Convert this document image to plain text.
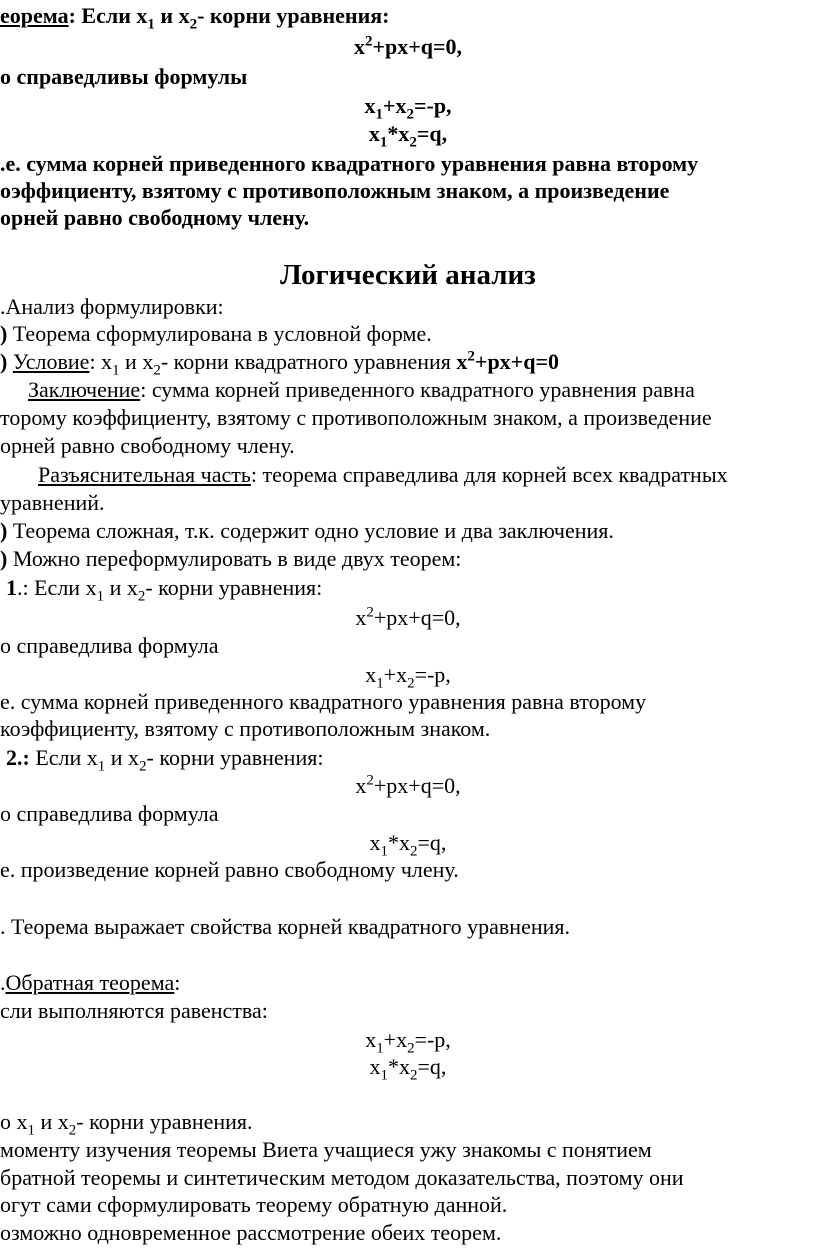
еорема: Если $x_1$ и $x_2-$ корни уравнения:
$x^2+px+q=0$,
о справедливы формулы
$x_1+x_2=-p$,
$x_1*x_2=q$,
.е. сумма корней приведенного квадратного уравнения равна второму
оэффициенту, взятому с противоположным знаком, а произведение
орней равно свободному члену.
Логический анализ
.Анализ формулировки:
) Теорема сформулирована в условной форме.
) Условие: $x_1$ и $x_2-$ корни квадратного уравнения $x^2+px+q=0$
Заключение: сумма корней приведенного квадратного уравнения равна
торому коэффициенту, взятому с противоположным знаком, а произведение
орней равно свободному члену.
Разъяснительная часть: теорема справедлива для корней всех квадратных
уравнений.
) Теорема сложная, т.к. содержит одно условие и два заключения.
) Можно переформулировать в виде двух теорем:
1.: Если $x_1$ и $x_2-$ корни уравнения:
$x^2+px+q=0$,
о справедлива формула
$x_1+x_2=-p$,
е. сумма корней приведенного квадратного уравнения равна второму
коэффициенту, взятому с противоположным знаком.
2.: Если $x_1$ и $x_2-$ корни уравнения:
$x^2+px+q=0$,
о справедлива формула
$x_1*x_2=q$,
е. произведение корней равно свободному члену.
. Теорема выражает свойства корней квадратного уравнения.
.Обратная теорема:
сли выполняются равенства:
$x_1+x_2=-p$,
$x_1*x_2=q$,
о $x_1$ и $x_2-$ корни уравнения.
моменту изучения теоремы Виета учащиеся ужу знакомы с понятием
братной теоремы и синтетическим методом доказательства, поэтому они
огут сами сформулировать теорему обратную данной.
озможно одновременное рассмотрение обеих теорем.
